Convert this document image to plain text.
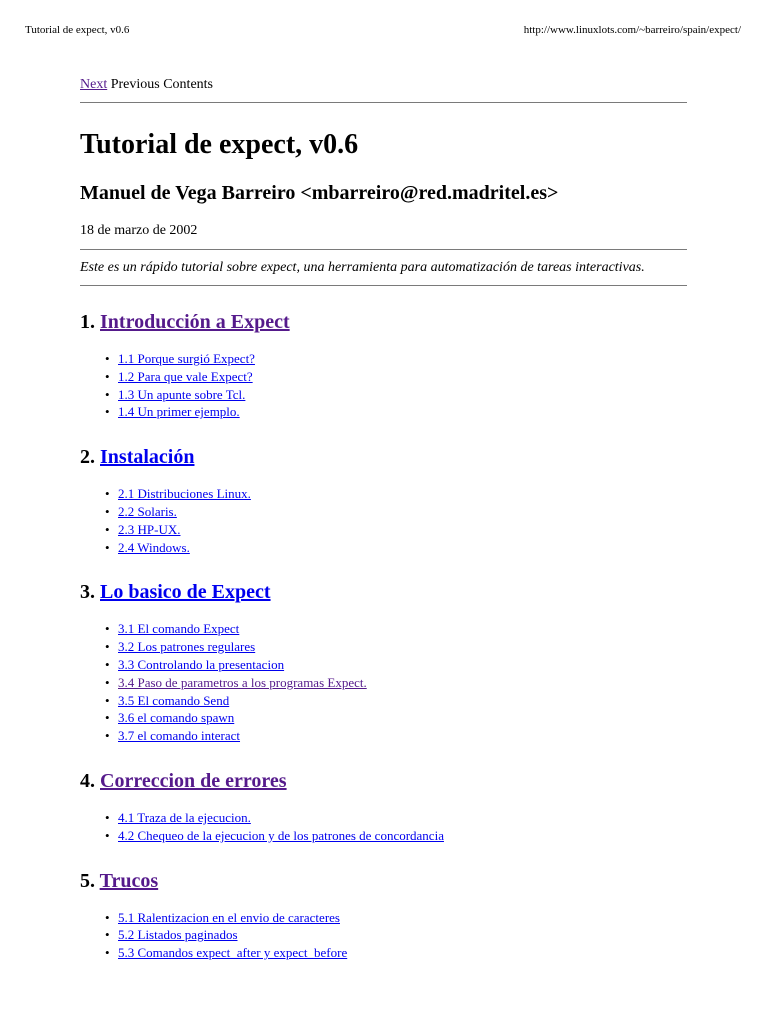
Tutorial de expect, v0.6	http://www.linuxlots.com/~barreiro/spain/expect/
Next Previous Contents
Tutorial de expect, v0.6
Manuel de Vega Barreiro <mbarreiro@red.madritel.es>
18 de marzo de 2002
Este es un rápido tutorial sobre expect, una herramienta para automatización de tareas interactivas.
1. Introducción a Expect
• 1.1 Porque surgió Expect?
• 1.2 Para que vale Expect?
• 1.3 Un apunte sobre Tcl.
• 1.4 Un primer ejemplo.
2. Instalación
• 2.1 Distribuciones Linux.
• 2.2 Solaris.
• 2.3 HP-UX.
• 2.4 Windows.
3. Lo basico de Expect
• 3.1 El comando Expect
• 3.2 Los patrones regulares
• 3.3 Controlando la presentacion
• 3.4 Paso de parametros a los programas Expect.
• 3.5 El comando Send
• 3.6 el comando spawn
• 3.7 el comando interact
4. Correccion de errores
• 4.1 Traza de la ejecucion.
• 4.2 Chequeo de la ejecucion y de los patrones de concordancia
5. Trucos
• 5.1 Ralentizacion en el envio de caracteres
• 5.2 Listados paginados
• 5.3 Comandos expect_after y expect_before
